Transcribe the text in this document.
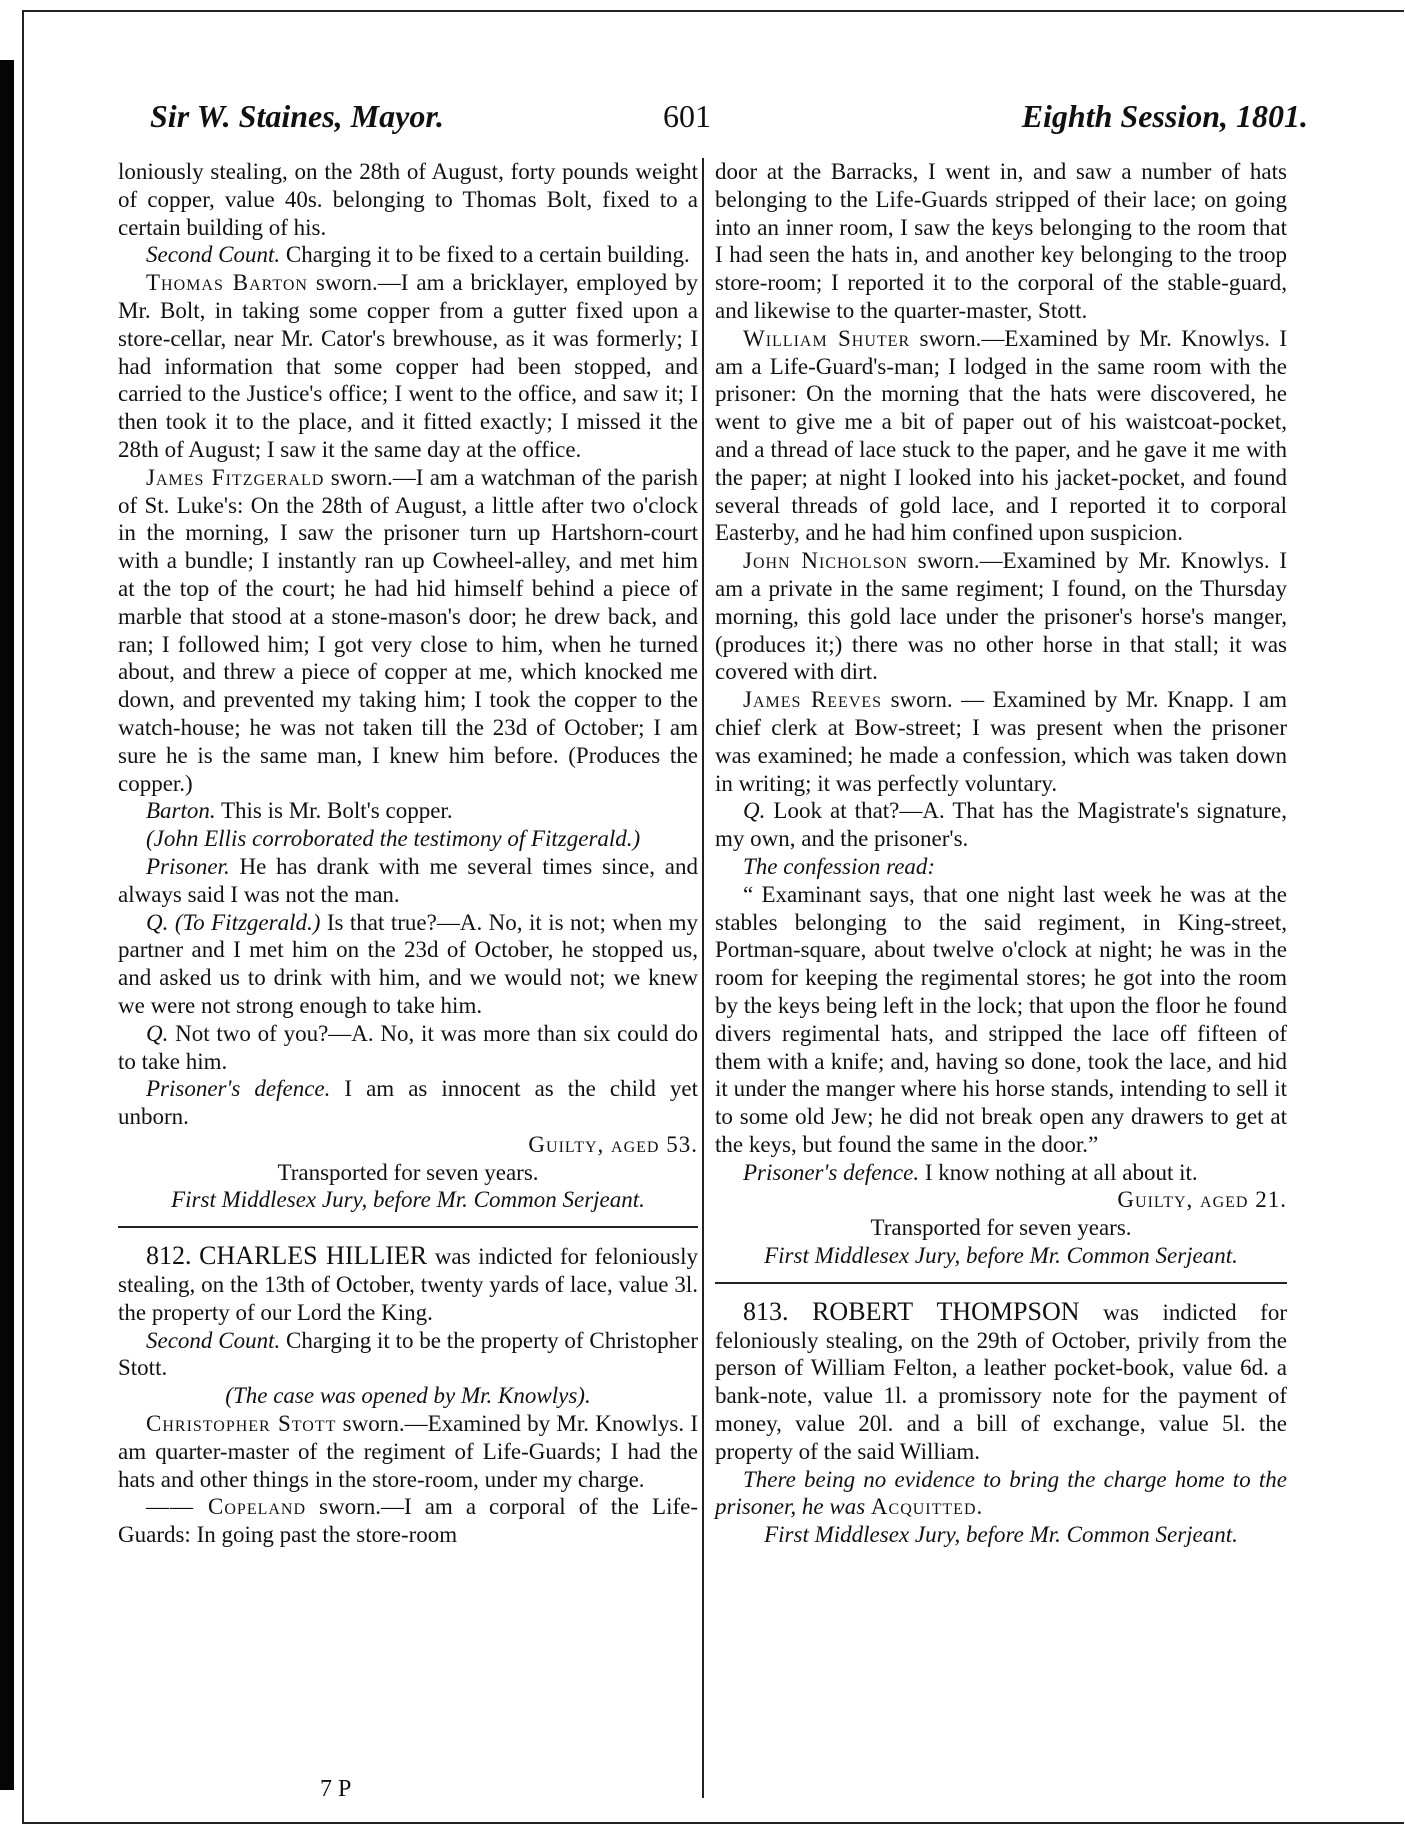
Sir W. Staines, Mayor.	601	Eighth Session, 1801.

loniously stealing, on the 28th of August, forty pounds weight of copper, value 40s. belonging to Thomas Bolt, fixed to a certain building of his.

Second Count. Charging it to be fixed to a certain building.

Thomas Barton sworn.—I am a bricklayer, employed by Mr. Bolt, in taking some copper from a gutter fixed upon a store-cellar, near Mr. Cator's brewhouse, as it was formerly; I had information that some copper had been stopped, and carried to the Justice's office; I went to the office, and saw it; I then took it to the place, and it fitted exactly; I missed it the 28th of August; I saw it the same day at the office.

James Fitzgerald sworn.—I am a watchman of the parish of St. Luke's: On the 28th of August, a little after two o'clock in the morning, I saw the prisoner turn up Hartshorn-court with a bundle; I instantly ran up Cowheel-alley, and met him at the top of the court; he had hid himself behind a piece of marble that stood at a stone-mason's door; he drew back, and ran; I followed him; I got very close to him, when he turned about, and threw a piece of copper at me, which knocked me down, and prevented my taking him; I took the copper to the watch-house; he was not taken till the 23d of October; I am sure he is the same man, I knew him before. (Produces the copper.)

Barton. This is Mr. Bolt's copper.

(John Ellis corroborated the testimony of Fitzgerald.)

Prisoner. He has drank with me several times since, and always said I was not the man.

Q. (To Fitzgerald.) Is that true?—A. No, it is not; when my partner and I met him on the 23d of October, he stopped us, and asked us to drink with him, and we would not; we knew we were not strong enough to take him.

Q. Not two of you?—A. No, it was more than six could do to take him.

Prisoner's defence. I am as innocent as the child yet unborn.

Guilty, aged 53.

Transported for seven years.

First Middlesex Jury, before Mr. Common Serjeant.

812. CHARLES HILLIER was indicted for feloniously stealing, on the 13th of October, twenty yards of lace, value 3l. the property of our Lord the King.

Second Count. Charging it to be the property of Christopher Stott.

(The case was opened by Mr. Knowlys).

Christopher Stott sworn.—Examined by Mr. Knowlys. I am quarter-master of the regiment of Life-Guards; I had the hats and other things in the store-room, under my charge.

—— Copeland sworn.—I am a corporal of the Life-Guards: In going past the store-room

door at the Barracks, I went in, and saw a number of hats belonging to the Life-Guards stripped of their lace; on going into an inner room, I saw the keys belonging to the room that I had seen the hats in, and another key belonging to the troop store-room; I reported it to the corporal of the stable-guard, and likewise to the quarter-master, Stott.

William Shuter sworn.—Examined by Mr. Knowlys. I am a Life-Guard's-man; I lodged in the same room with the prisoner: On the morning that the hats were discovered, he went to give me a bit of paper out of his waistcoat-pocket, and a thread of lace stuck to the paper, and he gave it me with the paper; at night I looked into his jacket-pocket, and found several threads of gold lace, and I reported it to corporal Easterby, and he had him confined upon suspicion.

John Nicholson sworn.—Examined by Mr. Knowlys. I am a private in the same regiment; I found, on the Thursday morning, this gold lace under the prisoner's horse's manger, (produces it;) there was no other horse in that stall; it was covered with dirt.

James Reeves sworn. — Examined by Mr. Knapp. I am chief clerk at Bow-street; I was present when the prisoner was examined; he made a confession, which was taken down in writing; it was perfectly voluntary.

Q. Look at that?—A. That has the Magistrate's signature, my own, and the prisoner's.

The confession read:

“ Examinant says, that one night last week he was at the stables belonging to the said regiment, in King-street, Portman-square, about twelve o'clock at night; he was in the room for keeping the regimental stores; he got into the room by the keys being left in the lock; that upon the floor he found divers regimental hats, and stripped the lace off fifteen of them with a knife; and, having so done, took the lace, and hid it under the manger where his horse stands, intending to sell it to some old Jew; he did not break open any drawers to get at the keys, but found the same in the door.”

Prisoner's defence. I know nothing at all about it.

Guilty, aged 21.

Transported for seven years.

First Middlesex Jury, before Mr. Common Serjeant.

813. ROBERT THOMPSON was indicted for feloniously stealing, on the 29th of October, privily from the person of William Felton, a leather pocket-book, value 6d. a bank-note, value 1l. a promissory note for the payment of money, value 20l. and a bill of exchange, value 5l. the property of the said William.

There being no evidence to bring the charge home to the prisoner, he was Acquitted.

First Middlesex Jury, before Mr. Common Serjeant.

7 P
